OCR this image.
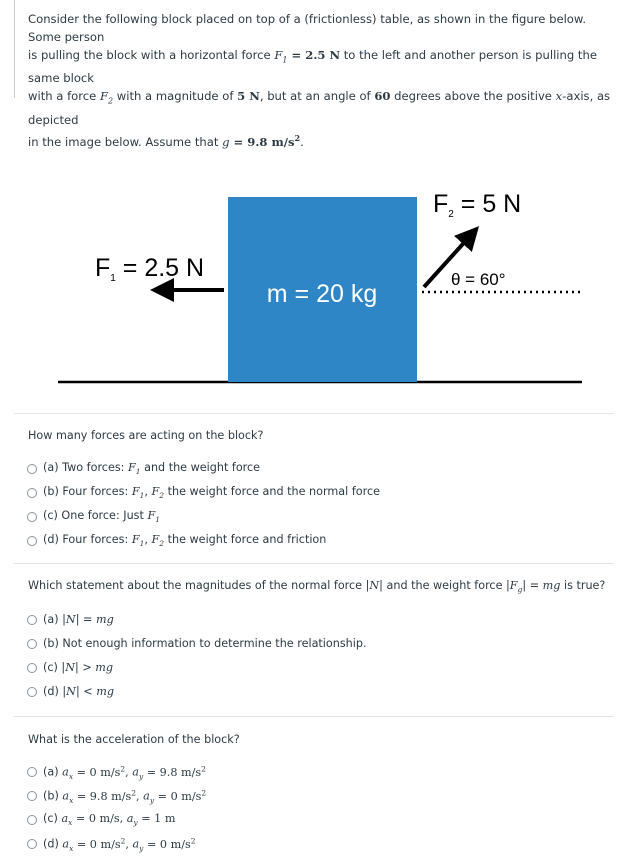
Consider the following block placed on top of a (frictionless) table, as shown in the figure below. Some person
is pulling the block with a horizontal force $F_1 = 2.5$ N to the left and another person is pulling the same block
with a force $F_2$ with a magnitude of 5 N, but at an angle of 60 degrees above the positive x-axis, as depicted
in the image below. Assume that g = 9.8 $m/s^2$.
m = 20 kg
$F_1 = 2.5$ N
$F_2 = 5$ N
θ = 60°
How many forces are acting on the block?
(a) Two forces: $F_1$ and the weight force
(b) Four forces: $F_1$, $F_2$ the weight force and the normal force
(c) One force: Just $F_1$
(d) Four forces: $F_1$, $F_2$ the weight force and friction
Which statement about the magnitudes of the normal force |N| and the weight force $|F_g|$ = mg is true?
(a) |N| = mg
(b) Not enough information to determine the relationship.
(c) |N| > mg
(d) |N| < mg
What is the acceleration of the block?
(a) $a_x = 0$ $m/s^2$, $a_y = 9.8$ $m/s^2$
(b) $a_x = 9.8$ $m/s^2$, $a_y = 0$ $m/s^2$
(c) $a_x = 0$ m/s, $a_y = 1$ m
(d) $a_x = 0$ $m/s^2$, $a_y = 0$ $m/s^2$
